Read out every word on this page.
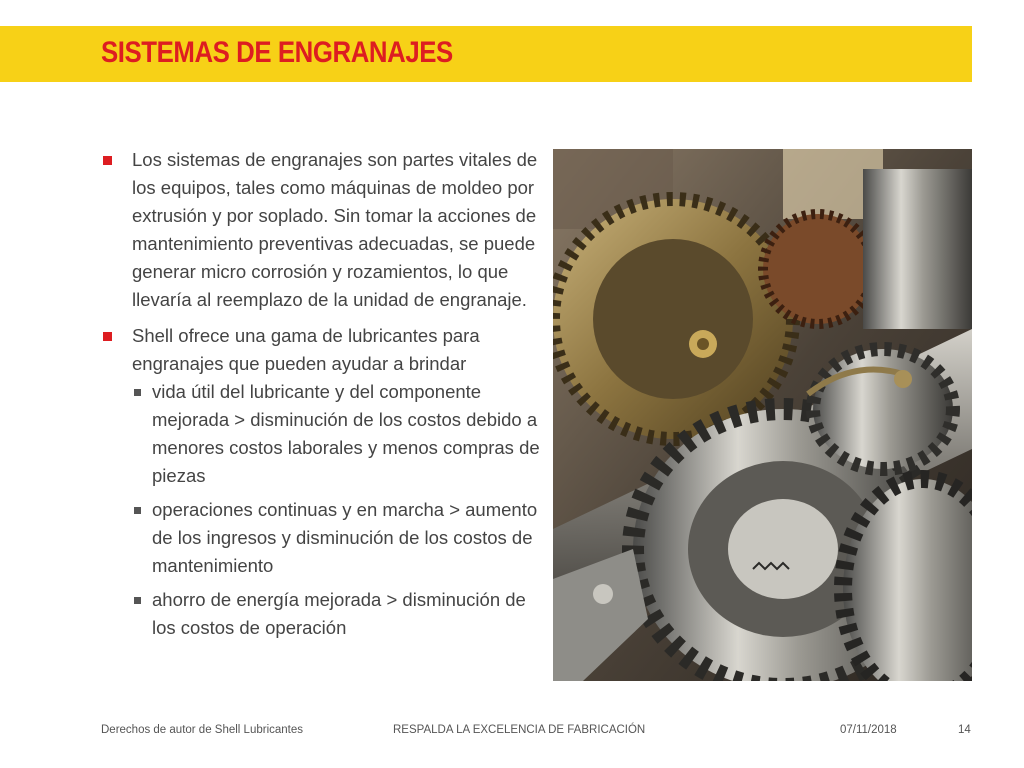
SISTEMAS DE ENGRANAJES
Los sistemas de engranajes son partes vitales de los equipos, tales como máquinas de moldeo por extrusión y por soplado. Sin tomar la acciones de mantenimiento preventivas adecuadas, se puede generar micro corrosión y rozamientos, lo que llevaría al reemplazo de la unidad de engranaje.
Shell ofrece una gama de lubricantes para engranajes que pueden ayudar a brindar
vida útil del lubricante y del componente mejorada > disminución de los costos debido a menores costos laborales y menos compras de piezas
operaciones continuas y en marcha > aumento de los ingresos y disminución de los costos de mantenimiento
ahorro de energía mejorada > disminución de los costos de operación
Derechos de autor de Shell Lubricantes	RESPALDA LA EXCELENCIA DE FABRICACIÓN	07/11/2018	14
